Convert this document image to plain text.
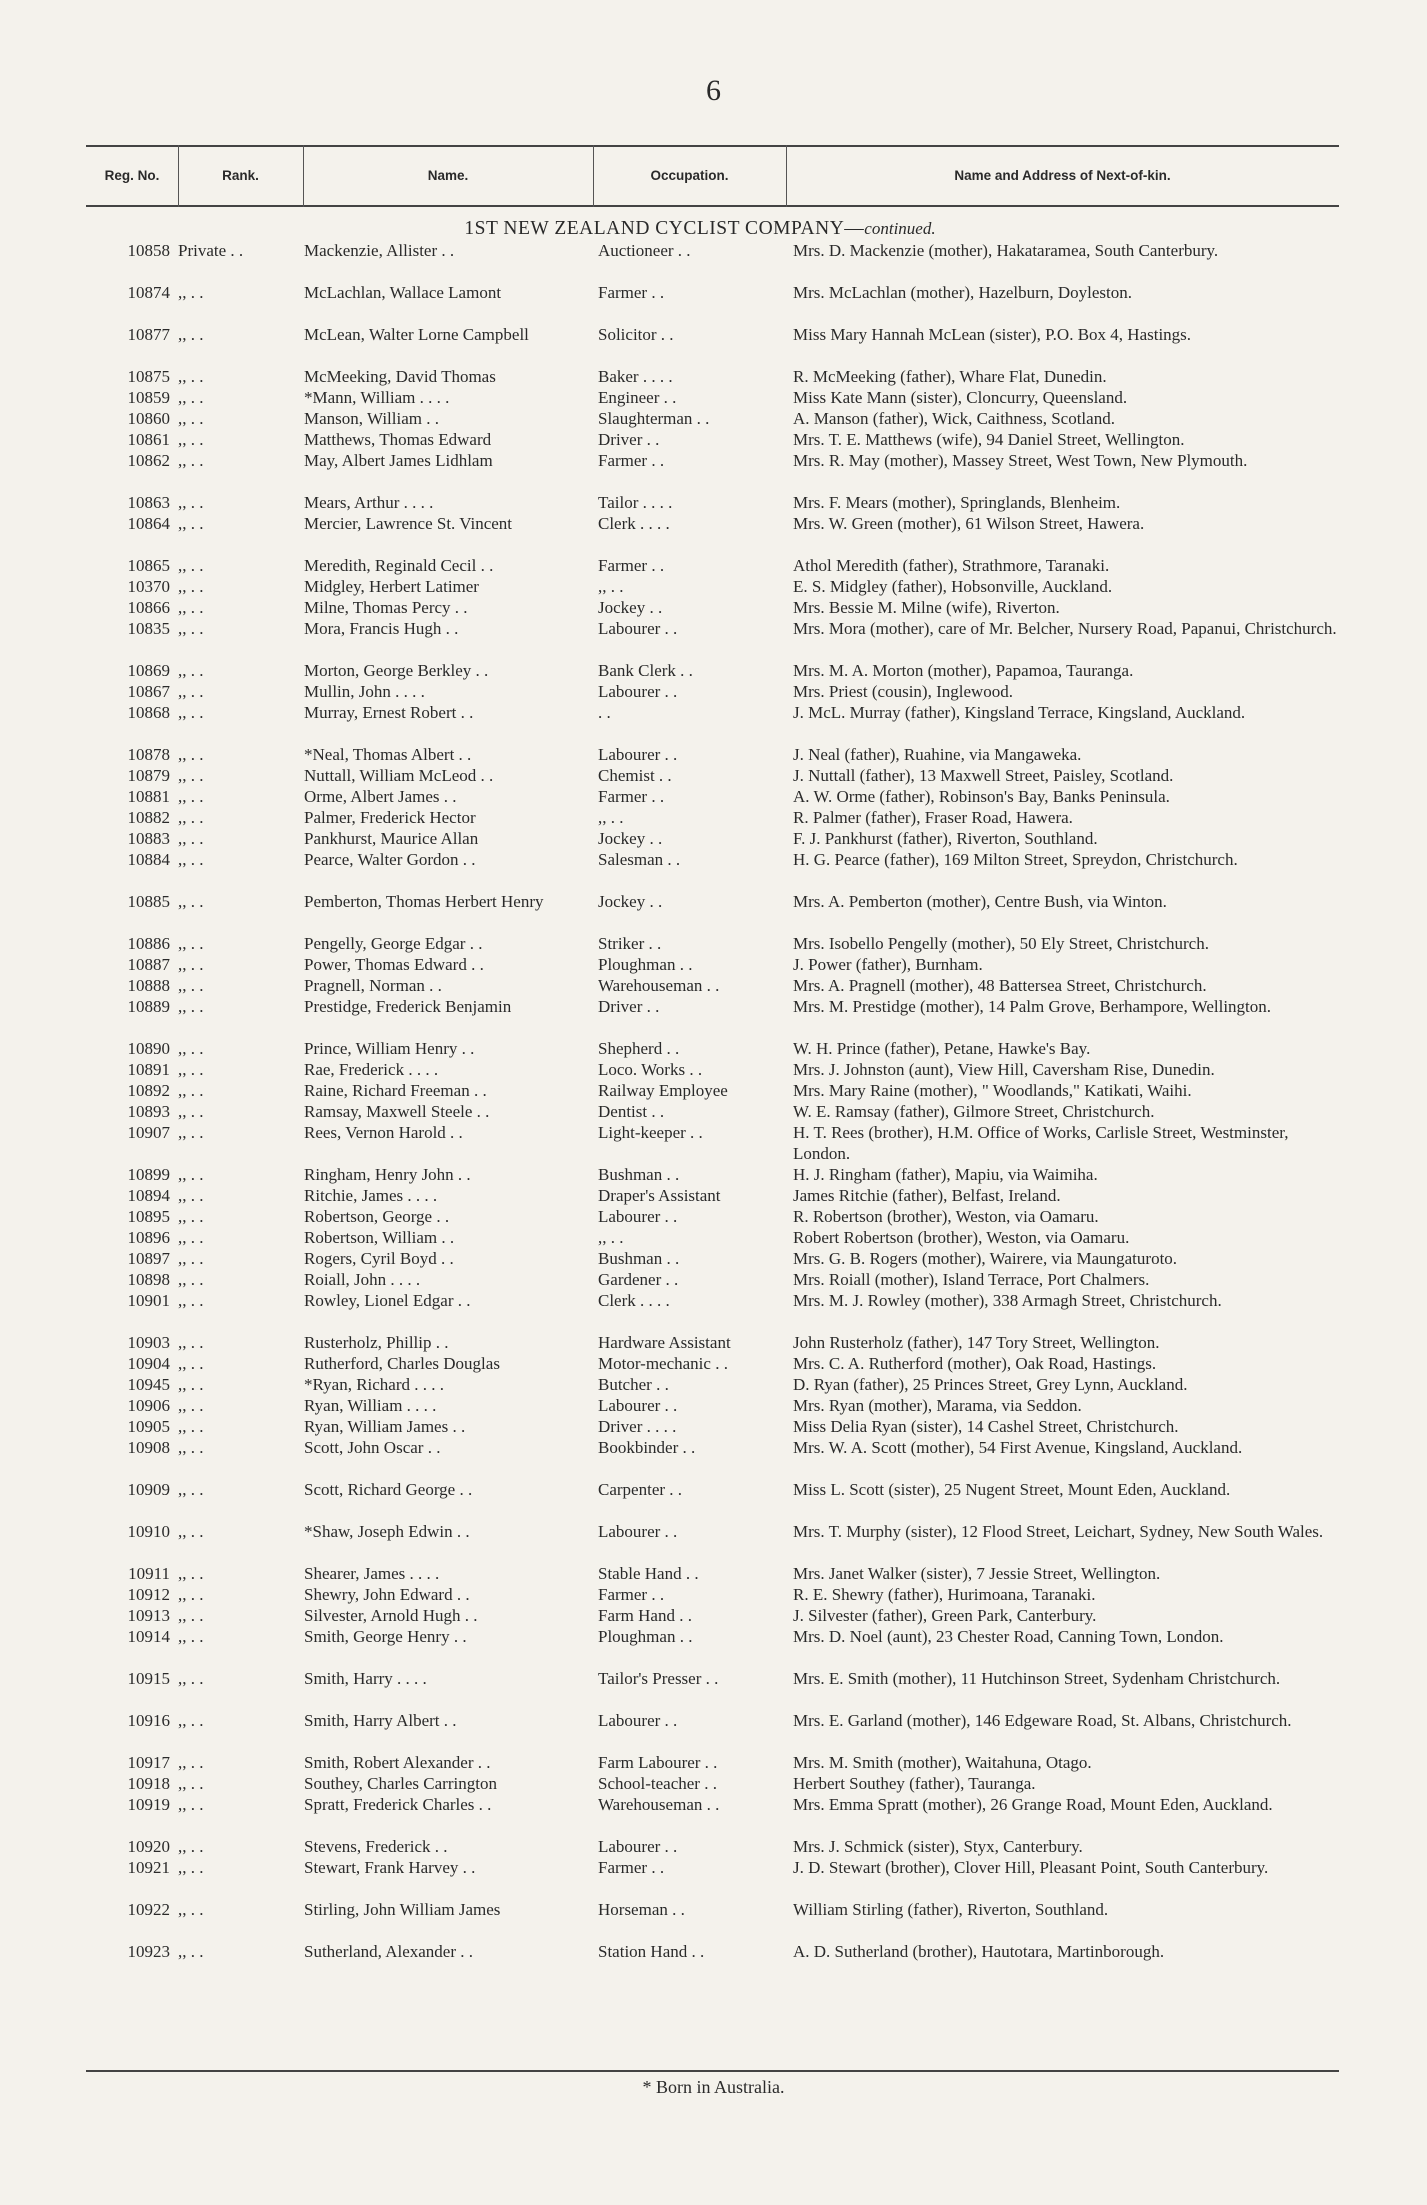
6
Reg. No.	Rank.	Name.	Occupation.	Name and Address of Next-of-kin.
1ST NEW ZEALAND CYCLIST COMPANY—continued.
10858 Private . .	Mackenzie, Allister . .	Auctioneer . .	Mrs. D. Mackenzie (mother), Hakataramea, South Canterbury.
10874 ,, . .	McLachlan, Wallace Lamont	Farmer . .	Mrs. McLachlan (mother), Hazelburn, Doyleston.
10877 ,, . .	McLean, Walter Lorne Campbell	Solicitor . .	Miss Mary Hannah McLean (sister), P.O. Box 4, Hastings.
10875 ,, . .	McMeeking, David Thomas	Baker . . . .	R. McMeeking (father), Whare Flat, Dunedin.
10859 ,, . .	*Mann, William . . . .	Engineer . .	Miss Kate Mann (sister), Cloncurry, Queensland.
10860 ,, . .	Manson, William . .	Slaughterman . .	A. Manson (father), Wick, Caithness, Scotland.
10861 ,, . .	Matthews, Thomas Edward	Driver . .	Mrs. T. E. Matthews (wife), 94 Daniel Street, Wellington.
10862 ,, . .	May, Albert James Lidhlam	Farmer . .	Mrs. R. May (mother), Massey Street, West Town, New Plymouth.
10863 ,, . .	Mears, Arthur . . . .	Tailor . . . .	Mrs. F. Mears (mother), Springlands, Blenheim.
10864 ,, . .	Mercier, Lawrence St. Vincent	Clerk . . . .	Mrs. W. Green (mother), 61 Wilson Street, Hawera.
10865 ,, . .	Meredith, Reginald Cecil . .	Farmer . .	Athol Meredith (father), Strathmore, Taranaki.
10370 ,, . .	Midgley, Herbert Latimer	,, . .	E. S. Midgley (father), Hobsonville, Auckland.
10866 ,, . .	Milne, Thomas Percy . .	Jockey . .	Mrs. Bessie M. Milne (wife), Riverton.
10835 ,, . .	Mora, Francis Hugh . .	Labourer . .	Mrs. Mora (mother), care of Mr. Belcher, Nursery Road, Papanui, Christchurch.
10869 ,, . .	Morton, George Berkley . .	Bank Clerk . .	Mrs. M. A. Morton (mother), Papamoa, Tauranga.
10867 ,, . .	Mullin, John . . . .	Labourer . .	Mrs. Priest (cousin), Inglewood.
10868 ,, . .	Murray, Ernest Robert . .	. .	J. McL. Murray (father), Kingsland Terrace, Kingsland, Auckland.
10878 ,, . .	*Neal, Thomas Albert . .	Labourer . .	J. Neal (father), Ruahine, via Mangaweka.
10879 ,, . .	Nuttall, William McLeod . .	Chemist . .	J. Nuttall (father), 13 Maxwell Street, Paisley, Scotland.
10881 ,, . .	Orme, Albert James . .	Farmer . .	A. W. Orme (father), Robinson's Bay, Banks Peninsula.
10882 ,, . .	Palmer, Frederick Hector	,, . .	R. Palmer (father), Fraser Road, Hawera.
10883 ,, . .	Pankhurst, Maurice Allan	Jockey . .	F. J. Pankhurst (father), Riverton, Southland.
10884 ,, . .	Pearce, Walter Gordon . .	Salesman . .	H. G. Pearce (father), 169 Milton Street, Spreydon, Christchurch.
10885 ,, . .	Pemberton, Thomas Herbert Henry	Jockey . .	Mrs. A. Pemberton (mother), Centre Bush, via Winton.
10886 ,, . .	Pengelly, George Edgar . .	Striker . .	Mrs. Isobello Pengelly (mother), 50 Ely Street, Christchurch.
10887 ,, . .	Power, Thomas Edward . .	Ploughman . .	J. Power (father), Burnham.
10888 ,, . .	Pragnell, Norman . .	Warehouseman . .	Mrs. A. Pragnell (mother), 48 Battersea Street, Christchurch.
10889 ,, . .	Prestidge, Frederick Benjamin	Driver . .	Mrs. M. Prestidge (mother), 14 Palm Grove, Berhampore, Wellington.
10890 ,, . .	Prince, William Henry . .	Shepherd . .	W. H. Prince (father), Petane, Hawke's Bay.
10891 ,, . .	Rae, Frederick . . . .	Loco. Works . .	Mrs. J. Johnston (aunt), View Hill, Caversham Rise, Dunedin.
10892 ,, . .	Raine, Richard Freeman . .	Railway Employee	Mrs. Mary Raine (mother), " Woodlands," Katikati, Waihi.
10893 ,, . .	Ramsay, Maxwell Steele . .	Dentist . .	W. E. Ramsay (father), Gilmore Street, Christchurch.
10907 ,, . .	Rees, Vernon Harold . .	Light-keeper . .	H. T. Rees (brother), H.M. Office of Works, Carlisle Street, Westminster, London.
10899 ,, . .	Ringham, Henry John . .	Bushman . .	H. J. Ringham (father), Mapiu, via Waimiha.
10894 ,, . .	Ritchie, James . . . .	Draper's Assistant	James Ritchie (father), Belfast, Ireland.
10895 ,, . .	Robertson, George . .	Labourer . .	R. Robertson (brother), Weston, via Oamaru.
10896 ,, . .	Robertson, William . .	,, . .	Robert Robertson (brother), Weston, via Oamaru.
10897 ,, . .	Rogers, Cyril Boyd . .	Bushman . .	Mrs. G. B. Rogers (mother), Wairere, via Maungaturoto.
10898 ,, . .	Roiall, John . . . .	Gardener . .	Mrs. Roiall (mother), Island Terrace, Port Chalmers.
10901 ,, . .	Rowley, Lionel Edgar . .	Clerk . . . .	Mrs. M. J. Rowley (mother), 338 Armagh Street, Christchurch.
10903 ,, . .	Rusterholz, Phillip . .	Hardware Assistant	John Rusterholz (father), 147 Tory Street, Wellington.
10904 ,, . .	Rutherford, Charles Douglas	Motor-mechanic . .	Mrs. C. A. Rutherford (mother), Oak Road, Hastings.
10945 ,, . .	*Ryan, Richard . . . .	Butcher . .	D. Ryan (father), 25 Princes Street, Grey Lynn, Auckland.
10906 ,, . .	Ryan, William . . . .	Labourer . .	Mrs. Ryan (mother), Marama, via Seddon.
10905 ,, . .	Ryan, William James . .	Driver . . . .	Miss Delia Ryan (sister), 14 Cashel Street, Christchurch.
10908 ,, . .	Scott, John Oscar . .	Bookbinder . .	Mrs. W. A. Scott (mother), 54 First Avenue, Kingsland, Auckland.
10909 ,, . .	Scott, Richard George . .	Carpenter . .	Miss L. Scott (sister), 25 Nugent Street, Mount Eden, Auckland.
10910 ,, . .	*Shaw, Joseph Edwin . .	Labourer . .	Mrs. T. Murphy (sister), 12 Flood Street, Leichart, Sydney, New South Wales.
10911 ,, . .	Shearer, James . . . .	Stable Hand . .	Mrs. Janet Walker (sister), 7 Jessie Street, Wellington.
10912 ,, . .	Shewry, John Edward . .	Farmer . .	R. E. Shewry (father), Hurimoana, Taranaki.
10913 ,, . .	Silvester, Arnold Hugh . .	Farm Hand . .	J. Silvester (father), Green Park, Canterbury.
10914 ,, . .	Smith, George Henry . .	Ploughman . .	Mrs. D. Noel (aunt), 23 Chester Road, Canning Town, London.
10915 ,, . .	Smith, Harry . . . .	Tailor's Presser . .	Mrs. E. Smith (mother), 11 Hutchinson Street, Sydenham Christchurch.
10916 ,, . .	Smith, Harry Albert . .	Labourer . .	Mrs. E. Garland (mother), 146 Edgeware Road, St. Albans, Christchurch.
10917 ,, . .	Smith, Robert Alexander . .	Farm Labourer . .	Mrs. M. Smith (mother), Waitahuna, Otago.
10918 ,, . .	Southey, Charles Carrington	School-teacher . .	Herbert Southey (father), Tauranga.
10919 ,, . .	Spratt, Frederick Charles . .	Warehouseman . .	Mrs. Emma Spratt (mother), 26 Grange Road, Mount Eden, Auckland.
10920 ,, . .	Stevens, Frederick . .	Labourer . .	Mrs. J. Schmick (sister), Styx, Canterbury.
10921 ,, . .	Stewart, Frank Harvey . .	Farmer . .	J. D. Stewart (brother), Clover Hill, Pleasant Point, South Canterbury.
10922 ,, . .	Stirling, John William James	Horseman . .	William Stirling (father), Riverton, Southland.
10923 ,, . .	Sutherland, Alexander . .	Station Hand . .	A. D. Sutherland (brother), Hautotara, Martinborough.
* Born in Australia.
